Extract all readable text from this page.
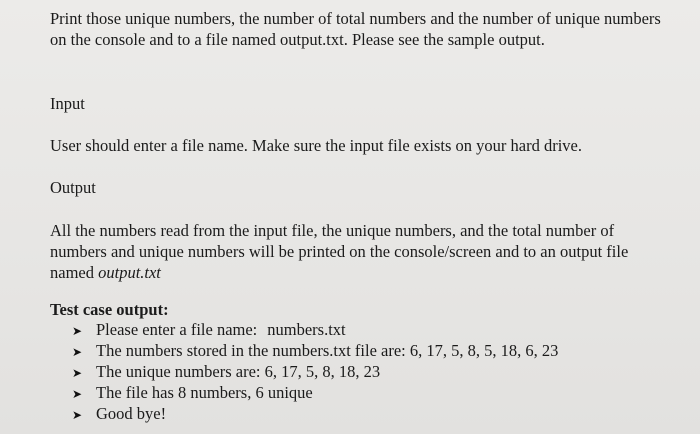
Print those unique numbers, the number of total numbers and the number of unique numbers on the console and to a file named output.txt. Please see the sample output.

Input

User should enter a file name. Make sure the input file exists on your hard drive.

Output

All the numbers read from the input file, the unique numbers, and the total number of numbers and unique numbers will be printed on the console/screen and to an output file named output.txt

Test case output:

➤ Please enter a file name: numbers.txt
➤ The numbers stored in the numbers.txt file are: 6, 17, 5, 8, 5, 18, 6, 23
➤ The unique numbers are: 6, 17, 5, 8, 18, 23
➤ The file has 8 numbers, 6 unique
➤ Good bye!
